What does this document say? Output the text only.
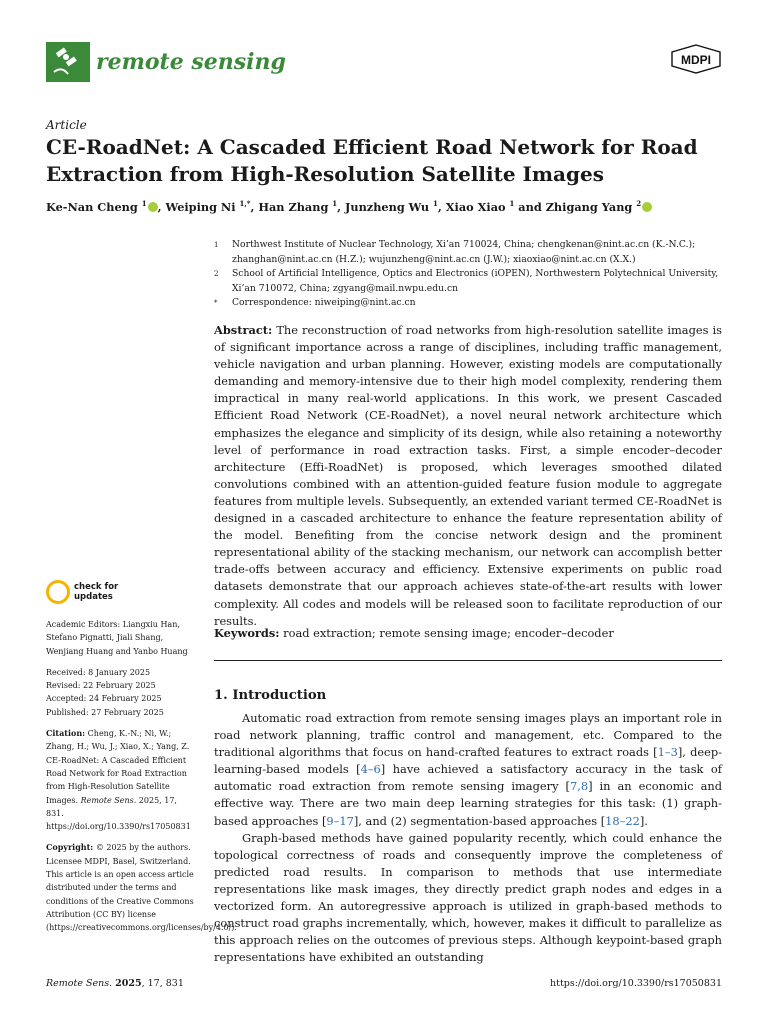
remote sensing	MDPI
Article
CE-RoadNet: A Cascaded Efficient Road Network for Road Extraction from High-Resolution Satellite Images
Ke-Nan Cheng $^1$ , Weiping Ni $^{1,*}$, Han Zhang $^1$, Junzheng Wu $^1$, Xiao Xiao $^1$ and Zhigang Yang $^2$
1	Northwest Institute of Nuclear Technology, Xi’an 710024, China; chengkenan@nint.ac.cn (K.-N.C.); zhanghan@nint.ac.cn (H.Z.); wujunzheng@nint.ac.cn (J.W.); xiaoxiao@nint.ac.cn (X.X.)
2	School of Artificial Intelligence, Optics and Electronics (iOPEN), Northwestern Polytechnical University, Xi’an 710072, China; zgyang@mail.nwpu.edu.cn
*	Correspondence: niweiping@nint.ac.cn
Abstract: The reconstruction of road networks from high-resolution satellite images is of significant importance across a range of disciplines, including traffic management, vehicle navigation and urban planning. However, existing models are computationally demanding and memory-intensive due to their high model complexity, rendering them impractical in many real-world applications. In this work, we present Cascaded Efficient Road Network (CE-RoadNet), a novel neural network architecture which emphasizes the elegance and simplicity of its design, while also retaining a noteworthy level of performance in road extraction tasks. First, a simple encoder–decoder architecture (Effi-RoadNet) is proposed, which leverages smoothed dilated convolutions combined with an attention-guided feature fusion module to aggregate features from multiple levels. Subsequently, an extended variant termed CE-RoadNet is designed in a cascaded architecture to enhance the feature representation ability of the model. Benefiting from the concise network design and the prominent representational ability of the stacking mechanism, our network can accomplish better trade-offs between accuracy and efficiency. Extensive experiments on public road datasets demonstrate that our approach achieves state-of-the-art results with lower complexity. All codes and models will be released soon to facilitate reproduction of our results.
Keywords: road extraction; remote sensing image; encoder–decoder
1. Introduction

Automatic road extraction from remote sensing images plays an important role in road network planning, traffic control and management, etc. Compared to the traditional algorithms that focus on hand-crafted features to extract roads [1–3], deep-learning-based models [4–6] have achieved a satisfactory accuracy in the task of automatic road extraction from remote sensing imagery [7,8] in an economic and effective way. There are two main deep learning strategies for this task: (1) graph-based approaches [9–17], and (2) segmentation-based approaches [18–22].

Graph-based methods have gained popularity recently, which could enhance the topological correctness of roads and consequently improve the completeness of predicted road results. In comparison to methods that use intermediate representations like mask images, they directly predict graph nodes and edges in a vectorized form. An autoregressive approach is utilized in graph-based methods to construct road graphs incrementally, which, however, makes it difficult to parallelize as this approach relies on the outcomes of previous steps. Although keypoint-based graph representations have exhibited an outstanding

check for
updates
Academic Editors: Liangxiu Han, Stefano Pignatti, Jiali Shang, Wenjiang Huang and Yanbo Huang
Received: 8 January 2025
Revised: 22 February 2025
Accepted: 24 February 2025
Published: 27 February 2025
Citation: Cheng, K.-N.; Ni, W.; Zhang, H.; Wu, J.; Xiao, X.; Yang, Z. CE-RoadNet: A Cascaded Efficient Road Network for Road Extraction from High-Resolution Satellite Images. Remote Sens. 2025, 17, 831. https://doi.org/10.3390/rs17050831
Copyright: © 2025 by the authors. Licensee MDPI, Basel, Switzerland. This article is an open access article distributed under the terms and conditions of the Creative Commons Attribution (CC BY) license (https://creativecommons.org/licenses/by/4.0/).
Remote Sens. 2025, 17, 831	https://doi.org/10.3390/rs17050831
